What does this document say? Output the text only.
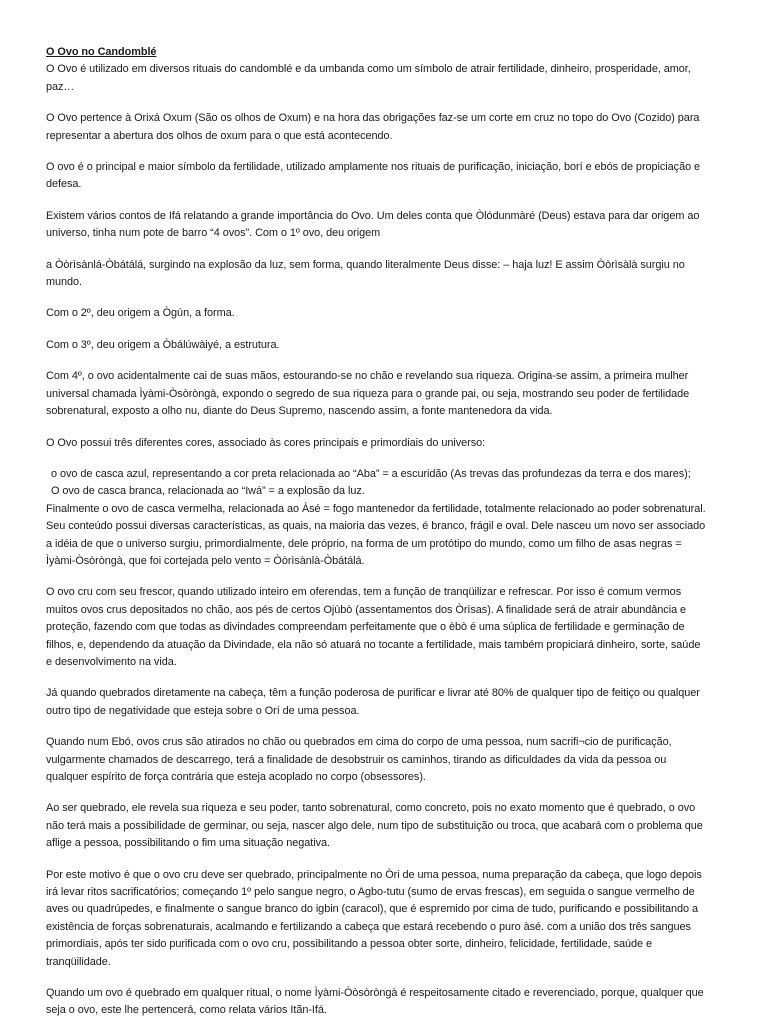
O Ovo no Candomblé
O Ovo é utilizado em diversos rituais do candomblé e da umbanda como um símbolo de atrair fertilidade, dinheiro, prosperidade, amor, paz…
O Ovo pertence à Orixá Oxum (São os olhos de Oxum) e na hora das obrigações faz-se um corte em cruz no topo do Ovo (Cozido) para representar a abertura dos olhos de oxum para o que está acontecendo.
O ovo é o principal e maior símbolo da fertilidade, utilizado amplamente nos rituais de purificação, iniciação, borí e ebós de propiciação e defesa.
Existem vários contos de Ifá relatando a grande importância do Ovo. Um deles conta que Òlódunmàré (Deus) estava para dar origem ao universo, tinha num pote de barro “4 ovos”. Com o 1º ovo, deu origem
a Òòrìsànlá-Òbátálá, surgindo na explosão da luz, sem forma, quando literalmente Deus disse: – haja luz! E assim Òòrìsàlà surgiu no mundo.
Com o 2º, deu origem a Ògún, a forma.
Com o 3º, deu origem a Òbálúwàiyé, a estrutura.
Com 4º, o ovo acidentalmente cai de suas mãos, estourando-se no chão e revelando sua riqueza. Origina-se assim, a primeira mulher universal chamada Ìyàmi-Òsòròngà, expondo o segredo de sua riqueza para o grande pai, ou seja, mostrando seu poder de fertilidade sobrenatural, exposto a olho nu, diante do Deus Supremo, nascendo assim, a fonte mantenedora da vida.
O Ovo possui três diferentes cores, associado às cores principais e primordiais do universo:
o ovo de casca azul, representando a cor preta relacionada ao “Aba” = a escuridão (As trevas das profundezas da terra e dos mares);
O ovo de casca branca, relacionada ao “Iwá” = a explosão da luz.
Finalmente o ovo de casca vermelha, relacionada ao Àsé = fogo mantenedor da fertilidade, totalmente relacionado ao poder sobrenatural. Seu conteúdo possui diversas características, as quais, na maioria das vezes, é branco, frágil e oval. Dele nasceu um novo ser associado a idéia de que o universo surgiu, primordialmente, dele próprio, na forma de um protótipo do mundo, como um filho de asas negras = Ìyàmi-Òsòròngà, que foi cortejada pelo vento = Òòrìsànlà-Òbátálá.
O ovo cru com seu frescor, quando utilizado inteiro em oferendas, tem a função de tranqüilizar e refrescar. Por isso é comum vermos muitos ovos crus depositados no chão, aos pés de certos Ojùbò (assentamentos dos Òrìsas). A finalidade será de atrair abundância e proteção, fazendo com que todas as divindades compreendam perfeitamente que o èbò é uma súplica de fertilidade e germinação de filhos, e, dependendo da atuação da Divindade, ela não só atuará no tocante a fertilidade, mais também propiciará dinheiro, sorte, saúde e desenvolvimento na vida.
Já quando quebrados diretamente na cabeça, têm a função poderosa de purificar e livrar até 80% de qualquer tipo de feitiço ou qualquer outro tipo de negatividade que esteja sobre o Orí de uma pessoa.
Quando num Ebó, ovos crus são atirados no chão ou quebrados em cima do corpo de uma pessoa, num sacrifi¬cio de purificação, vulgarmente chamados de descarrego, terá a finalidade de desobstruir os caminhos, tirando as dificuldades da vida da pessoa ou qualquer espírito de força contrária que esteja acoplado no corpo (obsessores).
Ao ser quebrado, ele revela sua riqueza e seu poder, tanto sobrenatural, como concreto, pois no exato momento que é quebrado, o ovo não terá mais a possibilidade de germinar, ou seja, nascer algo dele, num tipo de substituição ou troca, que acabará com o problema que aflige a pessoa, possibilitando o fim uma situação negativa.
Por este motivo é que o ovo cru deve ser quebrado, principalmente no Òri de uma pessoa, numa preparação da cabeça, que logo depois irá levar ritos sacrificatórios; começando 1º pelo sangue negro, o Agbo-tutu (sumo de ervas frescas), em seguida o sangue vermelho de aves ou quadrúpedes, e finalmente o sangue branco do igbin (caracol), que é espremido por cima de tudo, purificando e possibilitando a existência de forças sobrenaturais, acalmando e fertilizando a cabeça que estará recebendo o puro àsé. com a união dos três sangues primordiais, após ter sido purificada com o ovo cru, possibilitando a pessoa obter sorte, dinheiro, felicidade, fertilidade, saúde e tranqüilidade.
Quando um ovo é quebrado em qualquer ritual, o nome Ìyàmi-Òòsòròngà é respeitosamente citado e reverenciado, porque, qualquer que seja o ovo, este lhe pertencerá, como relata vários Itãn-Ifá.
